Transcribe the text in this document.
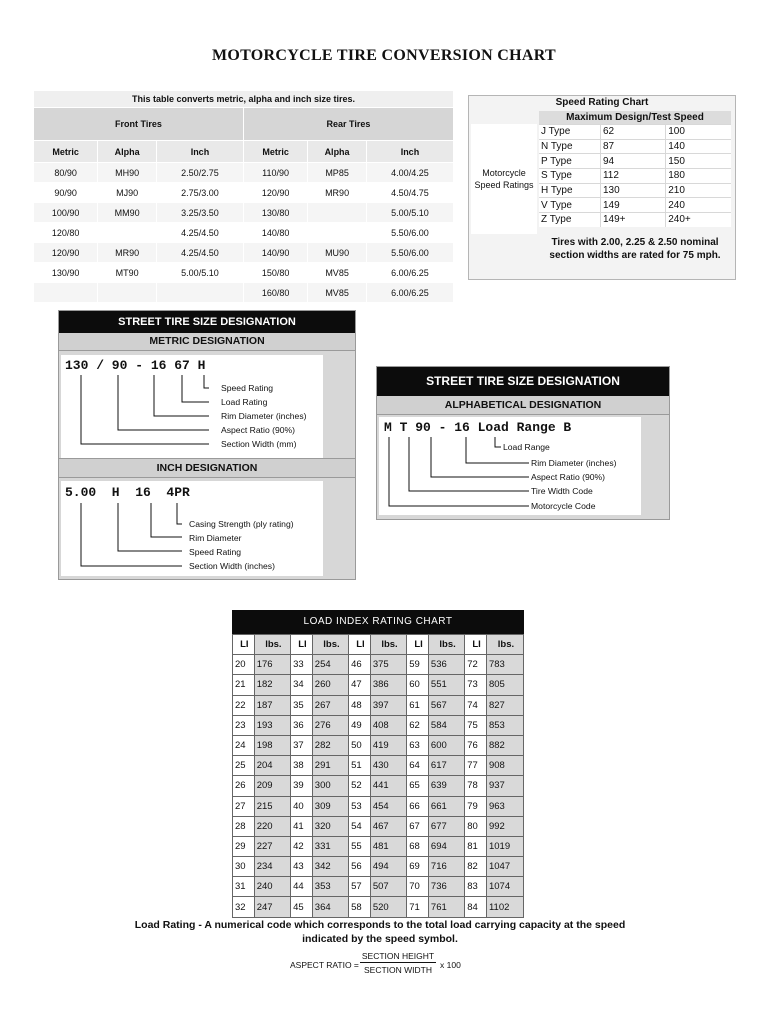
MOTORCYCLE TIRE CONVERSION CHART
This table converts metric, alpha and inch size tires.					
Front Tires			Rear Tires		
Metric	Alpha	Inch	Metric	Alpha	Inch
80/90	MH90	2.50/2.75	110/90	MP85	4.00/4.25
90/90	MJ90	2.75/3.00	120/90	MR90	4.50/4.75
100/90	MM90	3.25/3.50	130/80		5.00/5.10
120/80		4.25/4.50	140/80		5.50/6.00
120/90	MR90	4.25/4.50	140/90	MU90	5.50/6.00
130/90	MT90	5.00/5.10	150/80	MV85	6.00/6.25
			160/80	MV85	6.00/6.25
Speed Rating Chart
Maximum Design/Test Speed
Motorcycle Speed Ratings
J Type	62	100
N Type	87	140
P Type	94	150
S Type	112	180
H Type	130	210
V Type	149	240
Z Type	149+	240+
Tires with 2.00, 2.25 & 2.50 nominal section widths are rated for 75 mph.
STREET TIRE SIZE DESIGNATION
METRIC DESIGNATION
130 / 90 - 16 67 H
Speed Rating
Load Rating
Rim Diameter (inches)
Aspect Ratio (90%)
Section Width (mm)
INCH DESIGNATION
5.00  H  16  4PR
Casing Strength (ply rating)
Rim Diameter
Speed Rating
Section Width (inches)
STREET TIRE SIZE DESIGNATION
ALPHABETICAL DESIGNATION
M T 90 - 16 Load Range B
Load Range
Rim Diameter (inches)
Aspect Ratio (90%)
Tire Width Code
Motorcycle Code
LOAD INDEX RATING CHART
LI	lbs.	LI	lbs.	LI	lbs.	LI	lbs.	LI	lbs.
20	176	33	254	46	375	59	536	72	783
21	182	34	260	47	386	60	551	73	805
22	187	35	267	48	397	61	567	74	827
23	193	36	276	49	408	62	584	75	853
24	198	37	282	50	419	63	600	76	882
25	204	38	291	51	430	64	617	77	908
26	209	39	300	52	441	65	639	78	937
27	215	40	309	53	454	66	661	79	963
28	220	41	320	54	467	67	677	80	992
29	227	42	331	55	481	68	694	81	1019
30	234	43	342	56	494	69	716	82	1047
31	240	44	353	57	507	70	736	83	1074
32	247	45	364	58	520	71	761	84	1102
Load Rating - A numerical code which corresponds to the total load carrying capacity at the speed indicated by the speed symbol.
ASPECT RATIO =
SECTION HEIGHT
SECTION WIDTH x 100
